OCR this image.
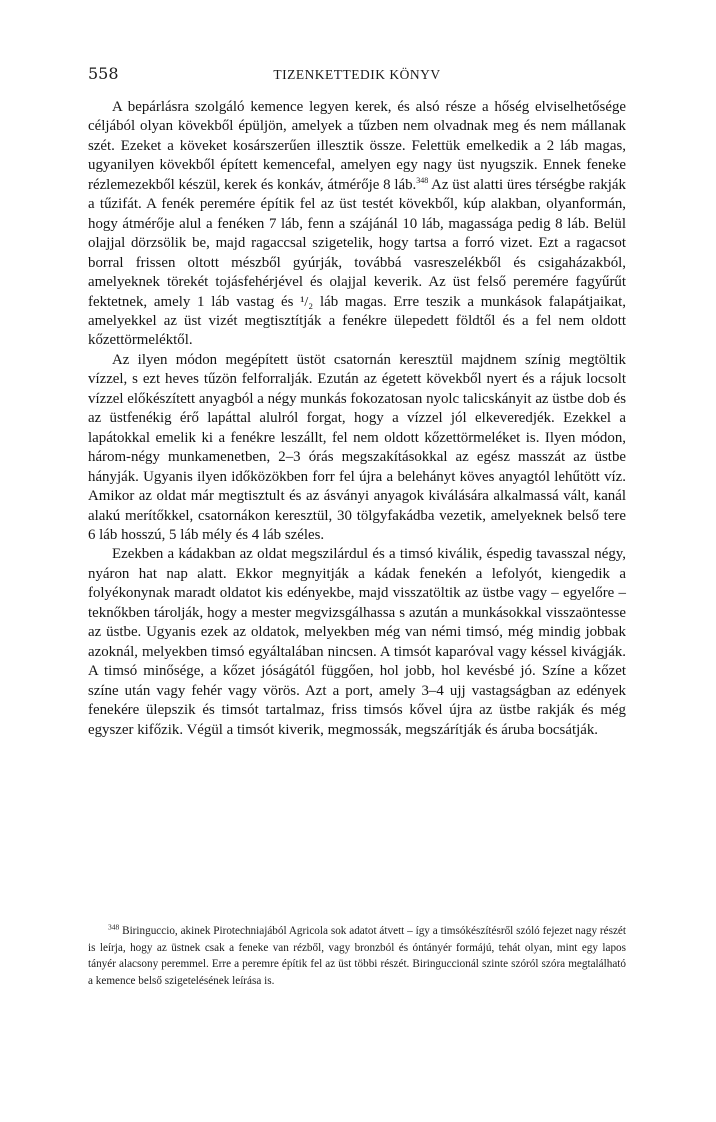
558	TIZENKETTEDIK KÖNYV

A bepárlásra szolgáló kemence legyen kerek, és alsó része a hőség elviselhetősége céljából olyan kövekből épüljön, amelyek a tűzben nem olvadnak meg és nem mállanak szét. Ezeket a köveket kosárszerűen illesztik össze. Felettük emelkedik a 2 láb magas, ugyanilyen kövekből épített kemencefal, amelyen egy nagy üst nyugszik. Ennek feneke rézlemezekből készül, kerek és konkáv, átmérője 8 láb.$^{348}$ Az üst alatti üres térségbe rakják a tűzifát. A fenék peremére építik fel az üst testét kövekből, kúp alakban, olyanformán, hogy átmérője alul a fenéken 7 láb, fenn a szájánál 10 láb, magassága pedig 8 láb. Belül olajjal dörzsölik be, majd ragaccsal szigetelik, hogy tartsa a forró vizet. Ezt a ragacsot borral frissen oltott mészből gyúrják, továbbá vasreszelékből és csigaházakból, amelyeknek törekét tojásfehérjével és olajjal keverik. Az üst felső peremére fagyűrűt fektetnek, amely 1 láb vastag és ¹/₂ láb magas. Erre teszik a munkások falapátjaikat, amelyekkel az üst vizét megtisztítják a fenékre ülepedett földtől és a fel nem oldott kőzettörmeléktől.

Az ilyen módon megépített üstöt csatornán keresztül majdnem színig megtöltik vízzel, s ezt heves tűzön felforralják. Ezután az égetett kövekből nyert és a rájuk locsolt vízzel előkészített anyagból a négy munkás fokozatosan nyolc talicskányit az üstbe dob és az üstfenékig érő lapáttal alulról forgat, hogy a vízzel jól elkeveredjék. Ezekkel a lapátokkal emelik ki a fenékre leszállt, fel nem oldott kőzettörmeléket is. Ilyen módon, három-négy munkamenetben, 2–3 órás megszakításokkal az egész masszát az üstbe hányják. Ugyanis ilyen időközökben forr fel újra a belehányt köves anyagtól lehűtött víz. Amikor az oldat már megtisztult és az ásványi anyagok kiválására alkalmassá vált, kanál alakú merítőkkel, csatornákon keresztül, 30 tölgyfakádba vezetik, amelyeknek belső tere 6 láb hosszú, 5 láb mély és 4 láb széles.

Ezekben a kádakban az oldat megszilárdul és a timsó kiválik, éspedig tavasszal négy, nyáron hat nap alatt. Ekkor megnyitják a kádak fenekén a lefolyót, kiengedik a folyékonynak maradt oldatot kis edényekbe, majd visszatöltik az üstbe vagy – egyelőre – teknőkben tárolják, hogy a mester megvizsgálhassa s azután a munkásokkal visszaöntesse az üstbe. Ugyanis ezek az oldatok, melyekben még van némi timsó, még mindig jobbak azoknál, melyekben timsó egyáltalában nincsen. A timsót kaparóval vagy késsel kivágják. A timsó minősége, a kőzet jóságától függően, hol jobb, hol kevésbé jó. Színe a kőzet színe után vagy fehér vagy vörös. Azt a port, amely 3–4 ujj vastagságban az edények fenekére ülepszik és timsót tartalmaz, friss timsós kővel újra az üstbe rakják és még egyszer kifőzik. Végül a timsót kiverik, megmossák, megszárítják és áruba bocsátják.

$^{348}$ Biringuccio, akinek Pirotechniajából Agricola sok adatot átvett – így a timsókészítésről szóló fejezet nagy részét is leírja, hogy az üstnek csak a feneke van rézből, vagy bronzból és óntányér formájú, tehát olyan, mint egy lapos tányér alacsony peremmel. Erre a peremre építik fel az üst többi részét. Biringuccionál szinte szóról szóra megtalálható a kemence belső szigetelésének leírása is.
